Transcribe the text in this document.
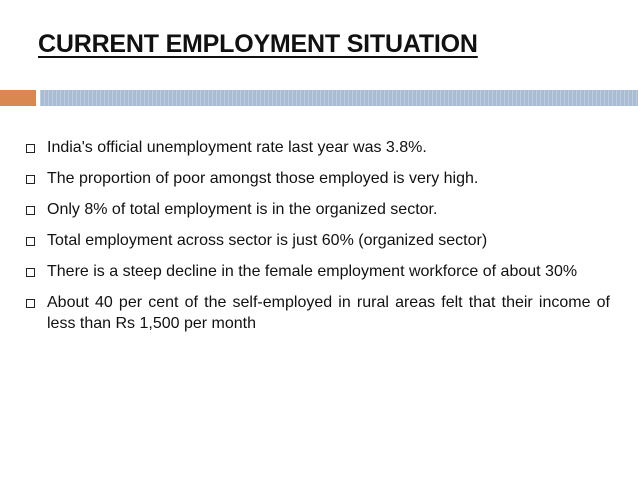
CURRENT EMPLOYMENT SITUATION
India's official unemployment rate last year was 3.8%.
The proportion of poor amongst those employed is very high.
Only 8% of total employment is in the organized sector.
Total employment across sector is just 60% (organized sector)
There is a steep decline in the female employment workforce of about 30%
About 40 per cent of the self-employed in rural areas felt that their income of less than Rs 1,500 per month
